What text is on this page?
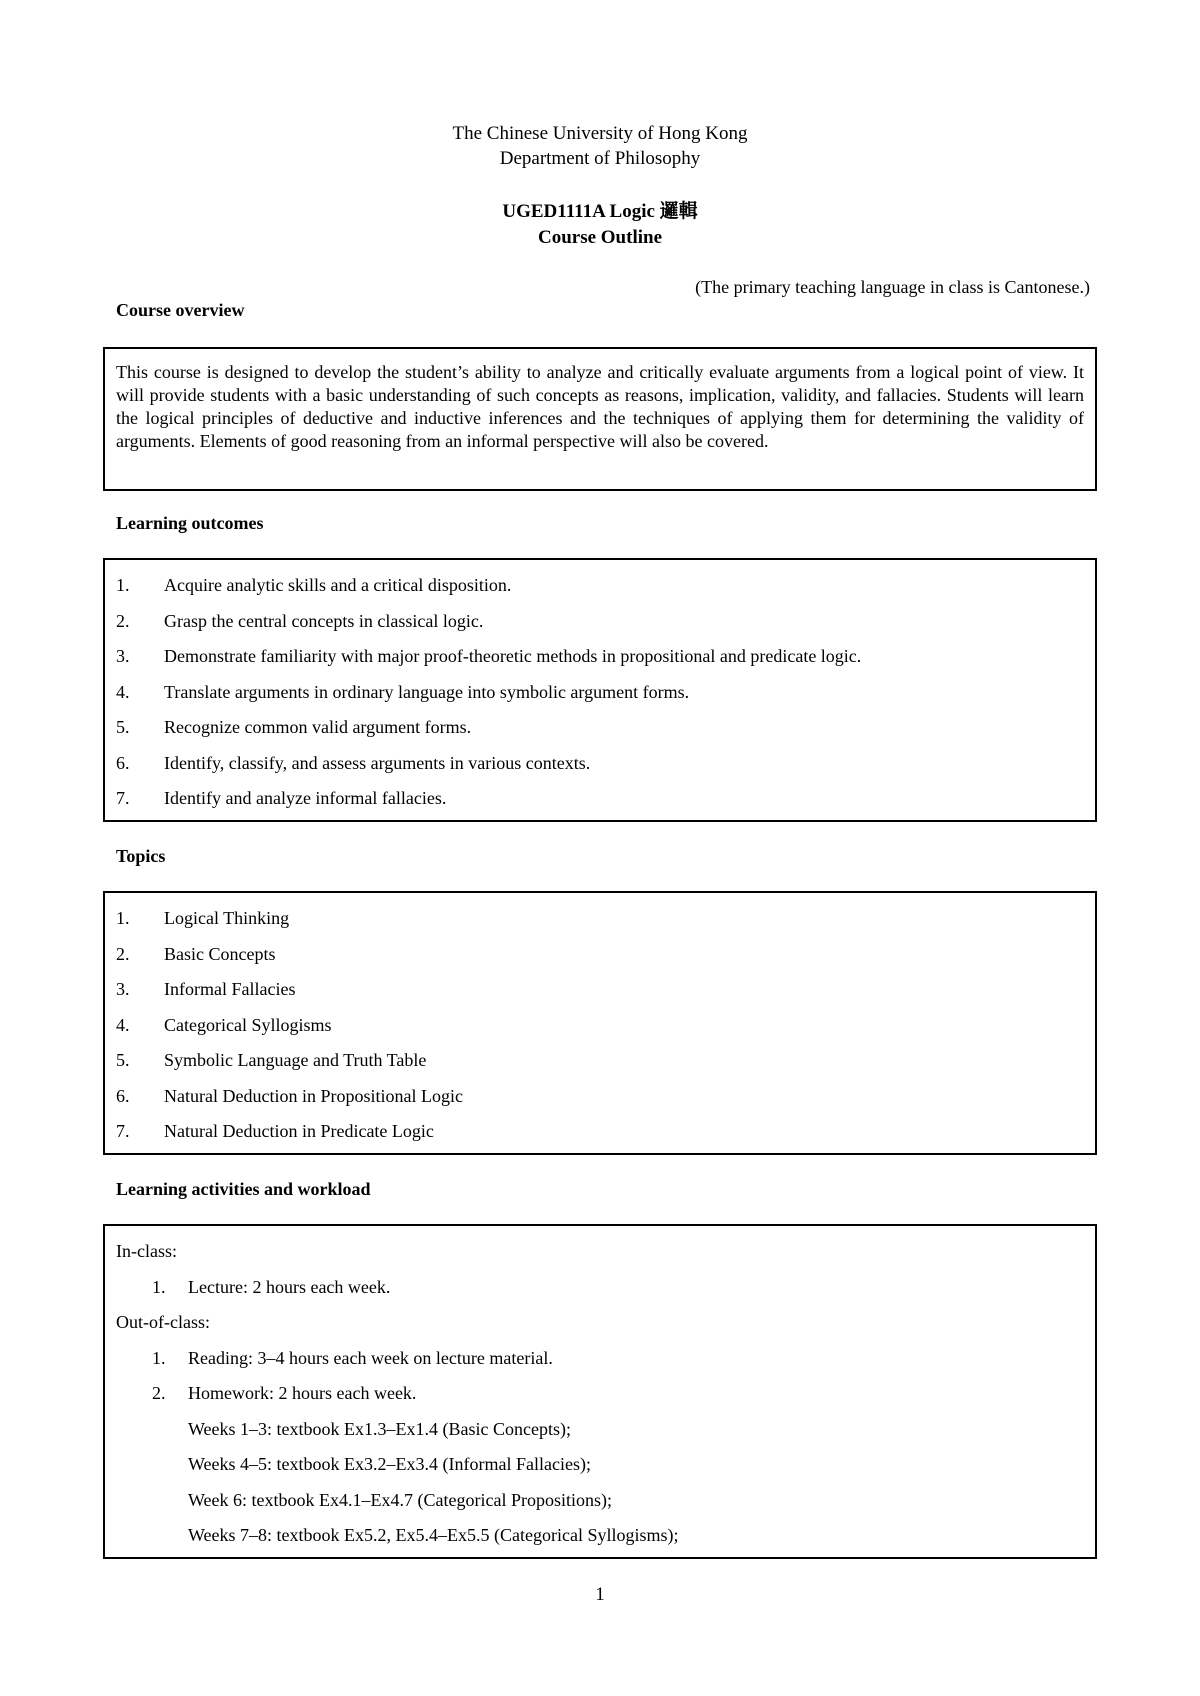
The Chinese University of Hong Kong
Department of Philosophy
UGED1111A Logic 邏輯
Course Outline
(The primary teaching language in class is Cantonese.)
Course overview

This course is designed to develop the student’s ability to analyze and critically evaluate arguments from a logical point of view. It will provide students with a basic understanding of such concepts as reasons, implication, validity, and fallacies. Students will learn the logical principles of deductive and inductive inferences and the techniques of applying them for determining the validity of arguments. Elements of good reasoning from an informal perspective will also be covered.

Learning outcomes
1.	Acquire analytic skills and a critical disposition.
2.	Grasp the central concepts in classical logic.
3.	Demonstrate familiarity with major proof-theoretic methods in propositional and predicate logic.
4.	Translate arguments in ordinary language into symbolic argument forms.
5.	Recognize common valid argument forms.
6.	Identify, classify, and assess arguments in various contexts.
7.	Identify and analyze informal fallacies.
Topics
1.	Logical Thinking
2.	Basic Concepts
3.	Informal Fallacies
4.	Categorical Syllogisms
5.	Symbolic Language and Truth Table
6.	Natural Deduction in Propositional Logic
7.	Natural Deduction in Predicate Logic
Learning activities and workload
In-class:
1. Lecture: 2 hours each week.
Out-of-class:
1. Reading: 3–4 hours each week on lecture material.
2. Homework: 2 hours each week.
Weeks 1–3: textbook Ex1.3–Ex1.4 (Basic Concepts);
Weeks 4–5: textbook Ex3.2–Ex3.4 (Informal Fallacies);
Week 6: textbook Ex4.1–Ex4.7 (Categorical Propositions);
Weeks 7–8: textbook Ex5.2, Ex5.4–Ex5.5 (Categorical Syllogisms);
1
